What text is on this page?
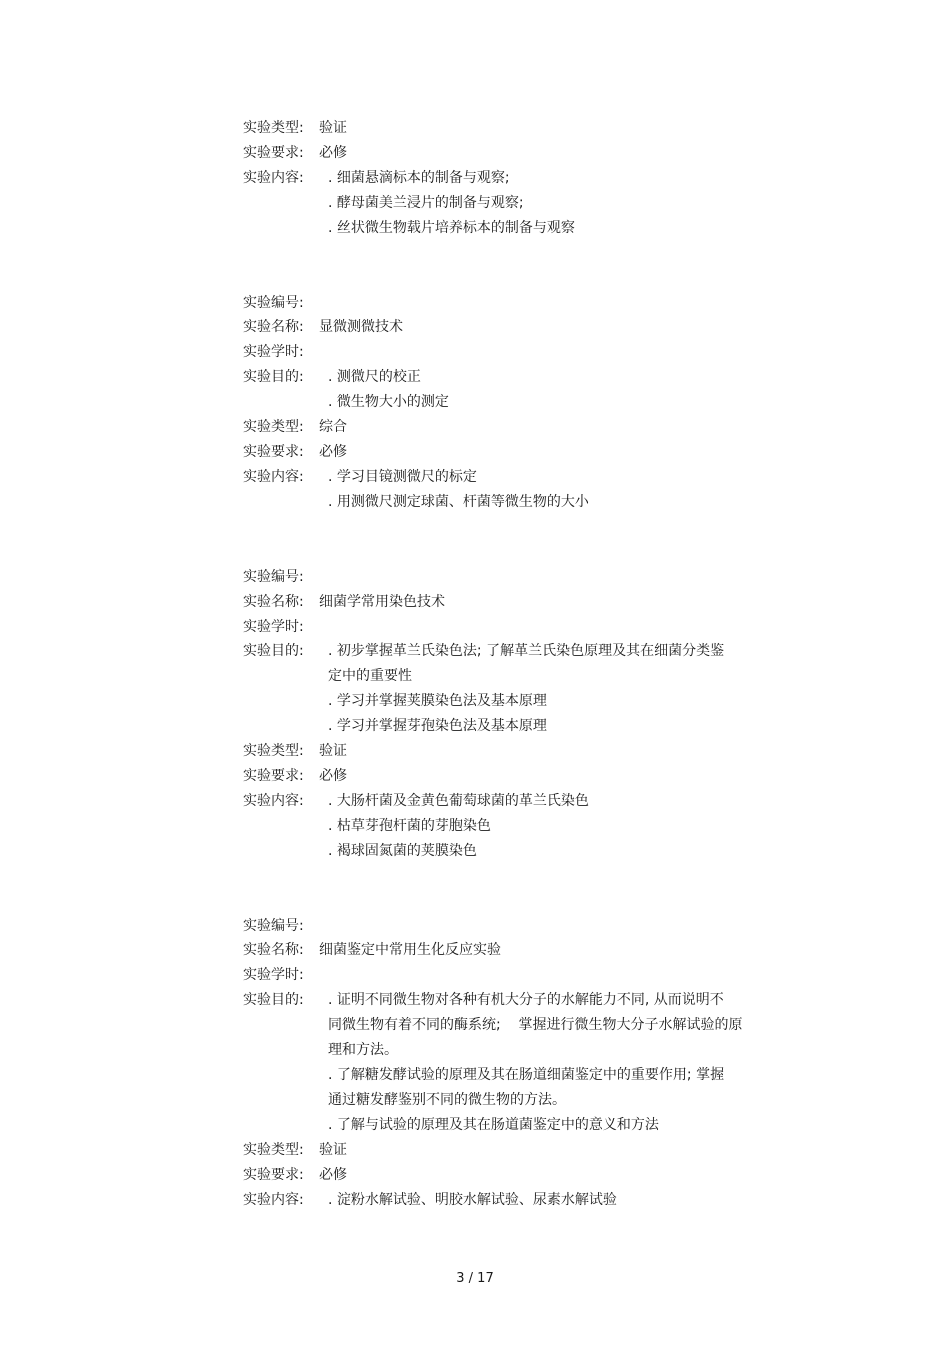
实验类型:	验证
实验要求:	必修
实验内容:	. 细菌悬滴标本的制备与观察;
. 酵母菌美兰浸片的制备与观察;
. 丝状微生物载片培养标本的制备与观察
实验编号:
实验名称:	显微测微技术
实验学时:
实验目的:	. 测微尺的校正
. 微生物大小的测定
实验类型:	综合
实验要求:	必修
实验内容:	. 学习目镜测微尺的标定
. 用测微尺测定球菌、杆菌等微生物的大小
实验编号:
实验名称:	细菌学常用染色技术
实验学时:
实验目的:	. 初步掌握革兰氏染色法; 了解革兰氏染色原理及其在细菌分类鉴
定中的重要性
. 学习并掌握荚膜染色法及基本原理
. 学习并掌握芽孢染色法及基本原理
实验类型:	验证
实验要求:	必修
实验内容:	. 大肠杆菌及金黄色葡萄球菌的革兰氏染色
. 枯草芽孢杆菌的芽胞染色
. 褐球固氮菌的荚膜染色
实验编号:
实验名称:	细菌鉴定中常用生化反应实验
实验学时:
实验目的:	. 证明不同微生物对各种有机大分子的水解能力不同, 从而说明不
同微生物有着不同的酶系统;    掌握进行微生物大分子水解试验的原
理和方法。
. 了解糖发酵试验的原理及其在肠道细菌鉴定中的重要作用; 掌握
通过糖发酵鉴别不同的微生物的方法。
. 了解与试验的原理及其在肠道菌鉴定中的意义和方法
实验类型:	验证
实验要求:	必修
实验内容:	. 淀粉水解试验、明胶水解试验、尿素水解试验
3 / 17
